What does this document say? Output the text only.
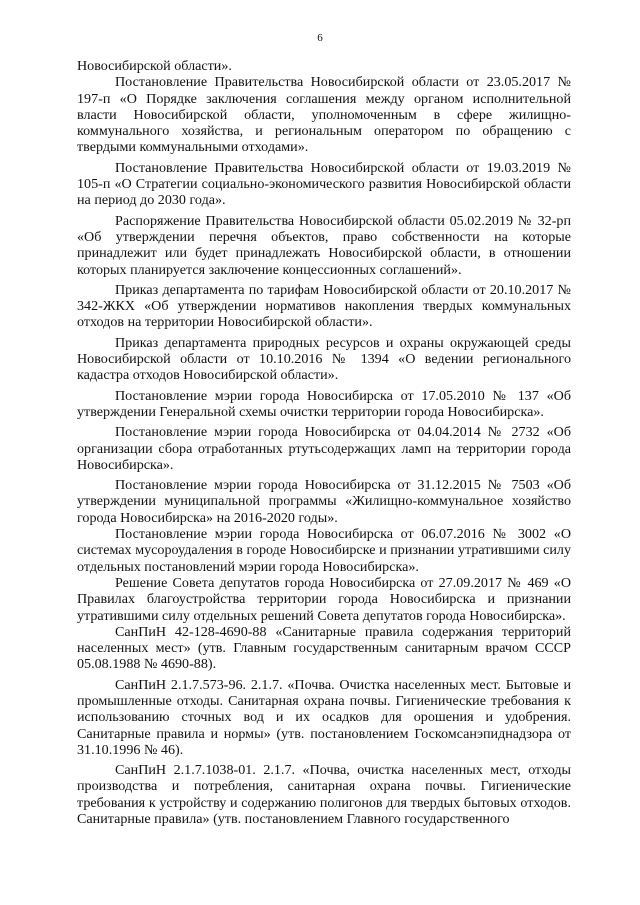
6

Новосибирской области».

Постановление Правительства Новосибирской области от 23.05.2017 № 197-п «О Порядке заключения соглашения между органом исполнительной власти Новосибирской области, уполномоченным в сфере жилищно-коммунального хозяйства, и региональным оператором по обращению с твердыми коммунальными отходами».

Постановление Правительства Новосибирской области от 19.03.2019 № 105-п «О Стратегии социально-экономического развития Новосибирской области на период до 2030 года».

Распоряжение Правительства Новосибирской области 05.02.2019 № 32-рп «Об утверждении перечня объектов, право собственности на которые принадлежит или будет принадлежать Новосибирской области, в отношении которых планируется заключение концессионных соглашений».

Приказ департамента по тарифам Новосибирской области от 20.10.2017 № 342-ЖКХ «Об утверждении нормативов накопления твердых коммунальных отходов на территории Новосибирской области».

Приказ департамента природных ресурсов и охраны окружающей среды Новосибирской области от 10.10.2016 № 1394 «О ведении регионального кадастра отходов Новосибирской области».

Постановление мэрии города Новосибирска от 17.05.2010 № 137 «Об утверждении Генеральной схемы очистки территории города Новосибирска».

Постановление мэрии города Новосибирска от 04.04.2014 № 2732 «Об организации сбора отработанных ртутьсодержащих ламп на территории города Новосибирска».

Постановление мэрии города Новосибирска от 31.12.2015 № 7503 «Об утверждении муниципальной программы «Жилищно-коммунальное хозяйство города Новосибирска» на 2016-2020 годы».

Постановление мэрии города Новосибирска от 06.07.2016 № 3002 «О системах мусороудаления в городе Новосибирске и признании утратившими силу отдельных постановлений мэрии города Новосибирска».

Решение Совета депутатов города Новосибирска от 27.09.2017 № 469 «О Правилах благоустройства территории города Новосибирска и признании утратившими силу отдельных решений Совета депутатов города Новосибирска».

СанПиН 42-128-4690-88 «Санитарные правила содержания территорий населенных мест» (утв. Главным государственным санитарным врачом СССР 05.08.1988 № 4690-88).

СанПиН 2.1.7.573-96. 2.1.7. «Почва. Очистка населенных мест. Бытовые и промышленные отходы. Санитарная охрана почвы. Гигиенические требования к использованию сточных вод и их осадков для орошения и удобрения. Санитарные правила и нормы» (утв. постановлением Госкомсанэпиднадзора от 31.10.1996 № 46).

СанПиН 2.1.7.1038-01. 2.1.7. «Почва, очистка населенных мест, отходы производства и потребления, санитарная охрана почвы. Гигиенические требования к устройству и содержанию полигонов для твердых бытовых отходов. Санитарные правила» (утв. постановлением Главного государственного
